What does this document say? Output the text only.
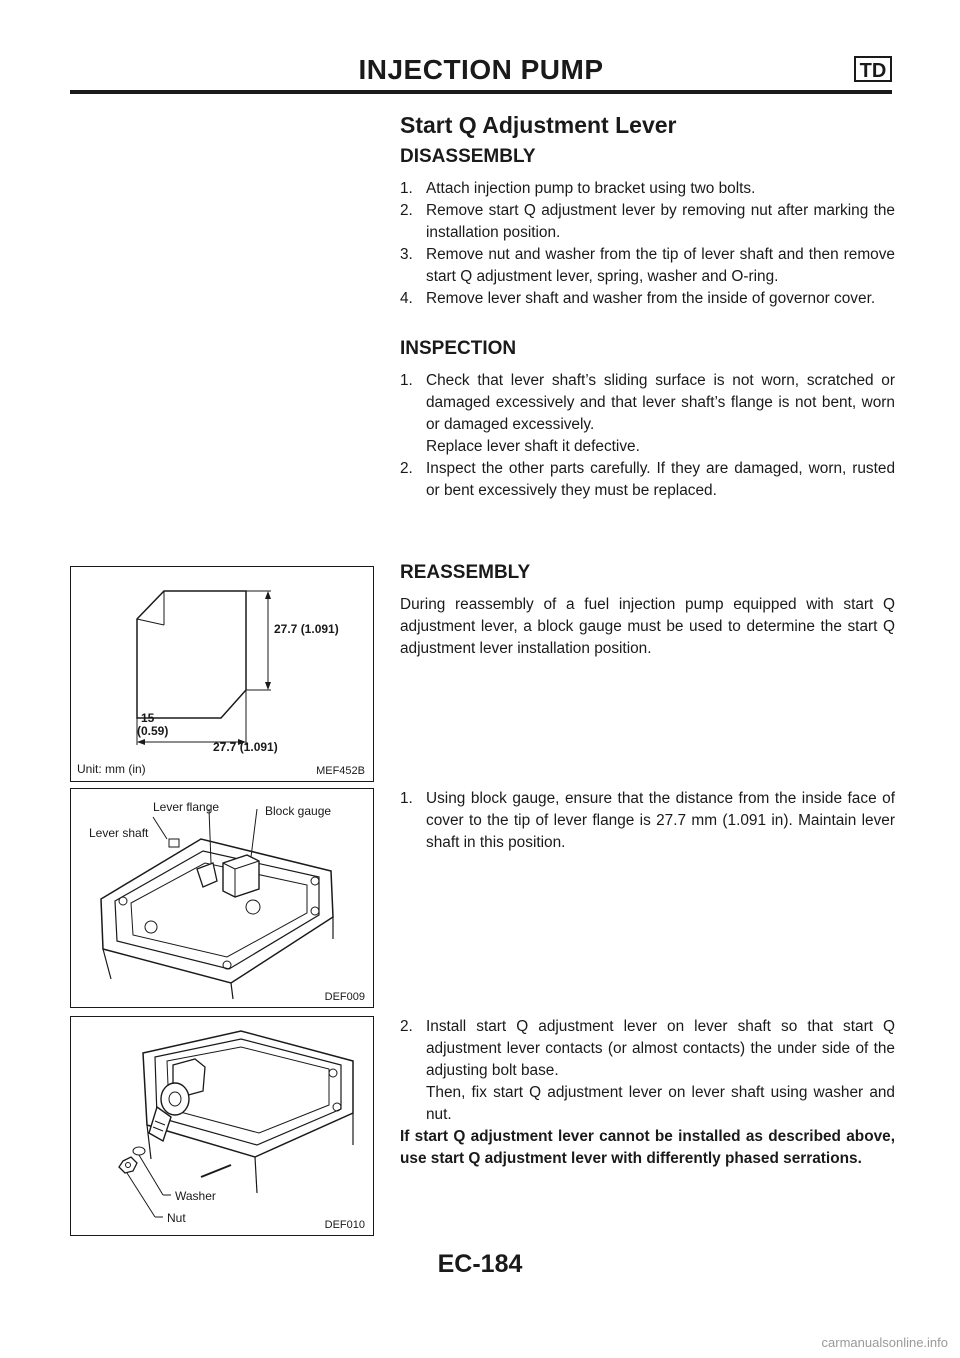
INJECTION PUMP	TD
Start Q Adjustment Lever
DISASSEMBLY
1. Attach injection pump to bracket using two bolts.
2. Remove start Q adjustment lever by removing nut after marking the installation position.
3. Remove nut and washer from the tip of lever shaft and then remove start Q adjustment lever, spring, washer and O-ring.
4. Remove lever shaft and washer from the inside of governor cover.
INSPECTION
1. Check that lever shaft’s sliding surface is not worn, scratched or damaged excessively and that lever shaft’s flange is not bent, worn or damaged excessively.
Replace lever shaft it defective.
2. Inspect the other parts carefully. If they are damaged, worn, rusted or bent excessively they must be replaced.
REASSEMBLY
During reassembly of a fuel injection pump equipped with start Q adjustment lever, a block gauge must be used to determine the start Q adjustment lever installation position.
1. Using block gauge, ensure that the distance from the inside face of cover to the tip of lever flange is 27.7 mm (1.091 in). Maintain lever shaft in this position.
2. Install start Q adjustment lever on lever shaft so that start Q adjustment lever contacts (or almost contacts) the under side of the adjusting bolt base.
Then, fix start Q adjustment lever on lever shaft using washer and nut.
If start Q adjustment lever cannot be installed as described above, use start Q adjustment lever with differently phased serrations.
27.7 (1.091)
27.7 (1.091)
15
(0.59)
Unit: mm (in)	MEF452B
Lever flange	Block gauge
Lever shaft
DEF009
Washer
Nut	DEF010
EC-184
carmanualsonline.info
